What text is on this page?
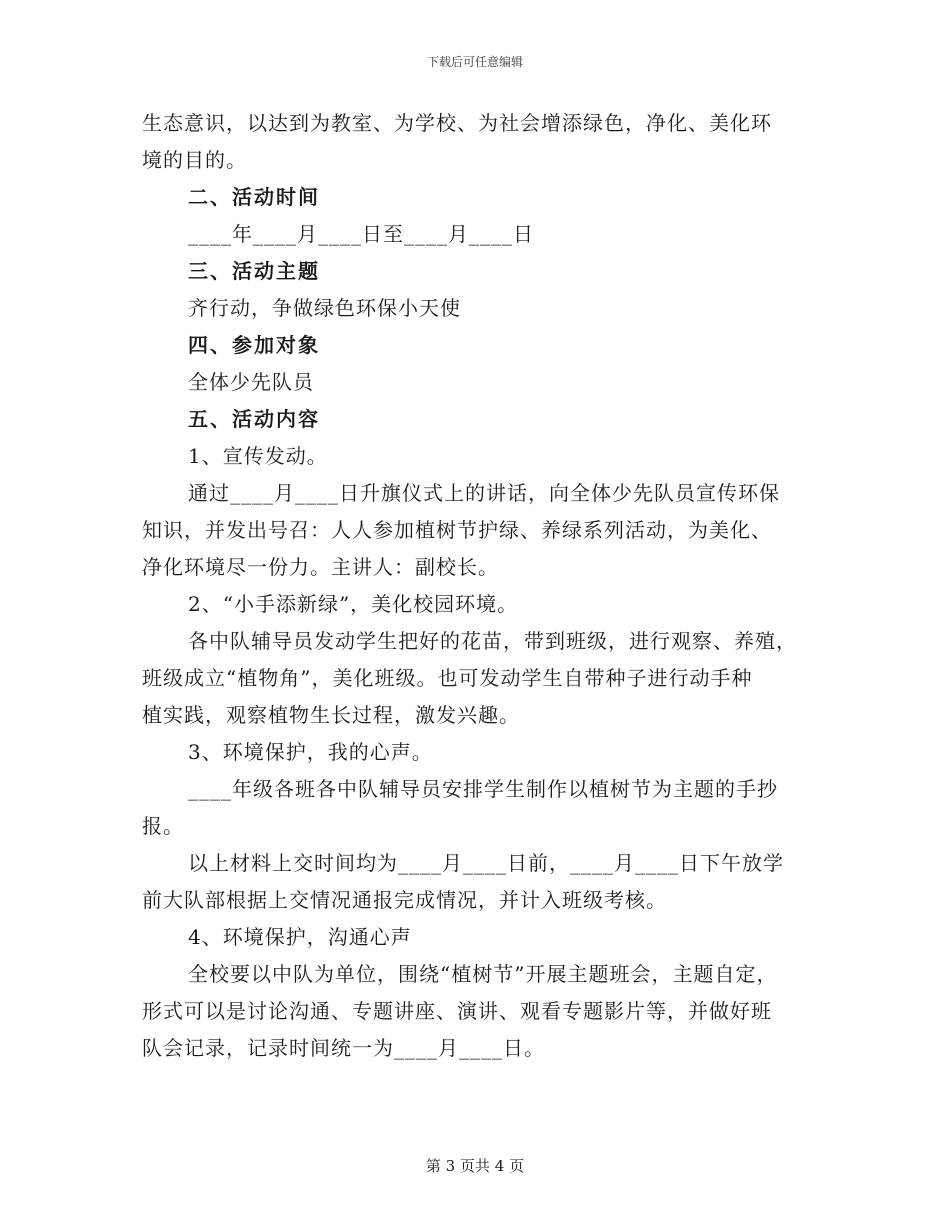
下载后可任意编辑
生态意识，以达到为教室、为学校、为社会增添绿色，净化、美化环
境的目的。
二、活动时间
____年____月____日至____月____日
三、活动主题
齐行动，争做绿色环保小天使
四、参加对象
全体少先队员
五、活动内容
1、宣传发动。
通过____月____日升旗仪式上的讲话，向全体少先队员宣传环保
知识，并发出号召：人人参加植树节护绿、养绿系列活动，为美化、
净化环境尽一份力。主讲人：副校长。
2、“小手添新绿”，美化校园环境。
各中队辅导员发动学生把好的花苗，带到班级，进行观察、养殖，
班级成立“植物角”，美化班级。也可发动学生自带种子进行动手种
植实践，观察植物生长过程，激发兴趣。
3、环境保护，我的心声。
____年级各班各中队辅导员安排学生制作以植树节为主题的手抄
报。
以上材料上交时间均为____月____日前，____月____日下午放学
前大队部根据上交情况通报完成情况，并计入班级考核。
4、环境保护，沟通心声
全校要以中队为单位，围绕“植树节”开展主题班会，主题自定，
形式可以是讨论沟通、专题讲座、演讲、观看专题影片等，并做好班
队会记录，记录时间统一为____月____日。
第 3 页共 4 页
